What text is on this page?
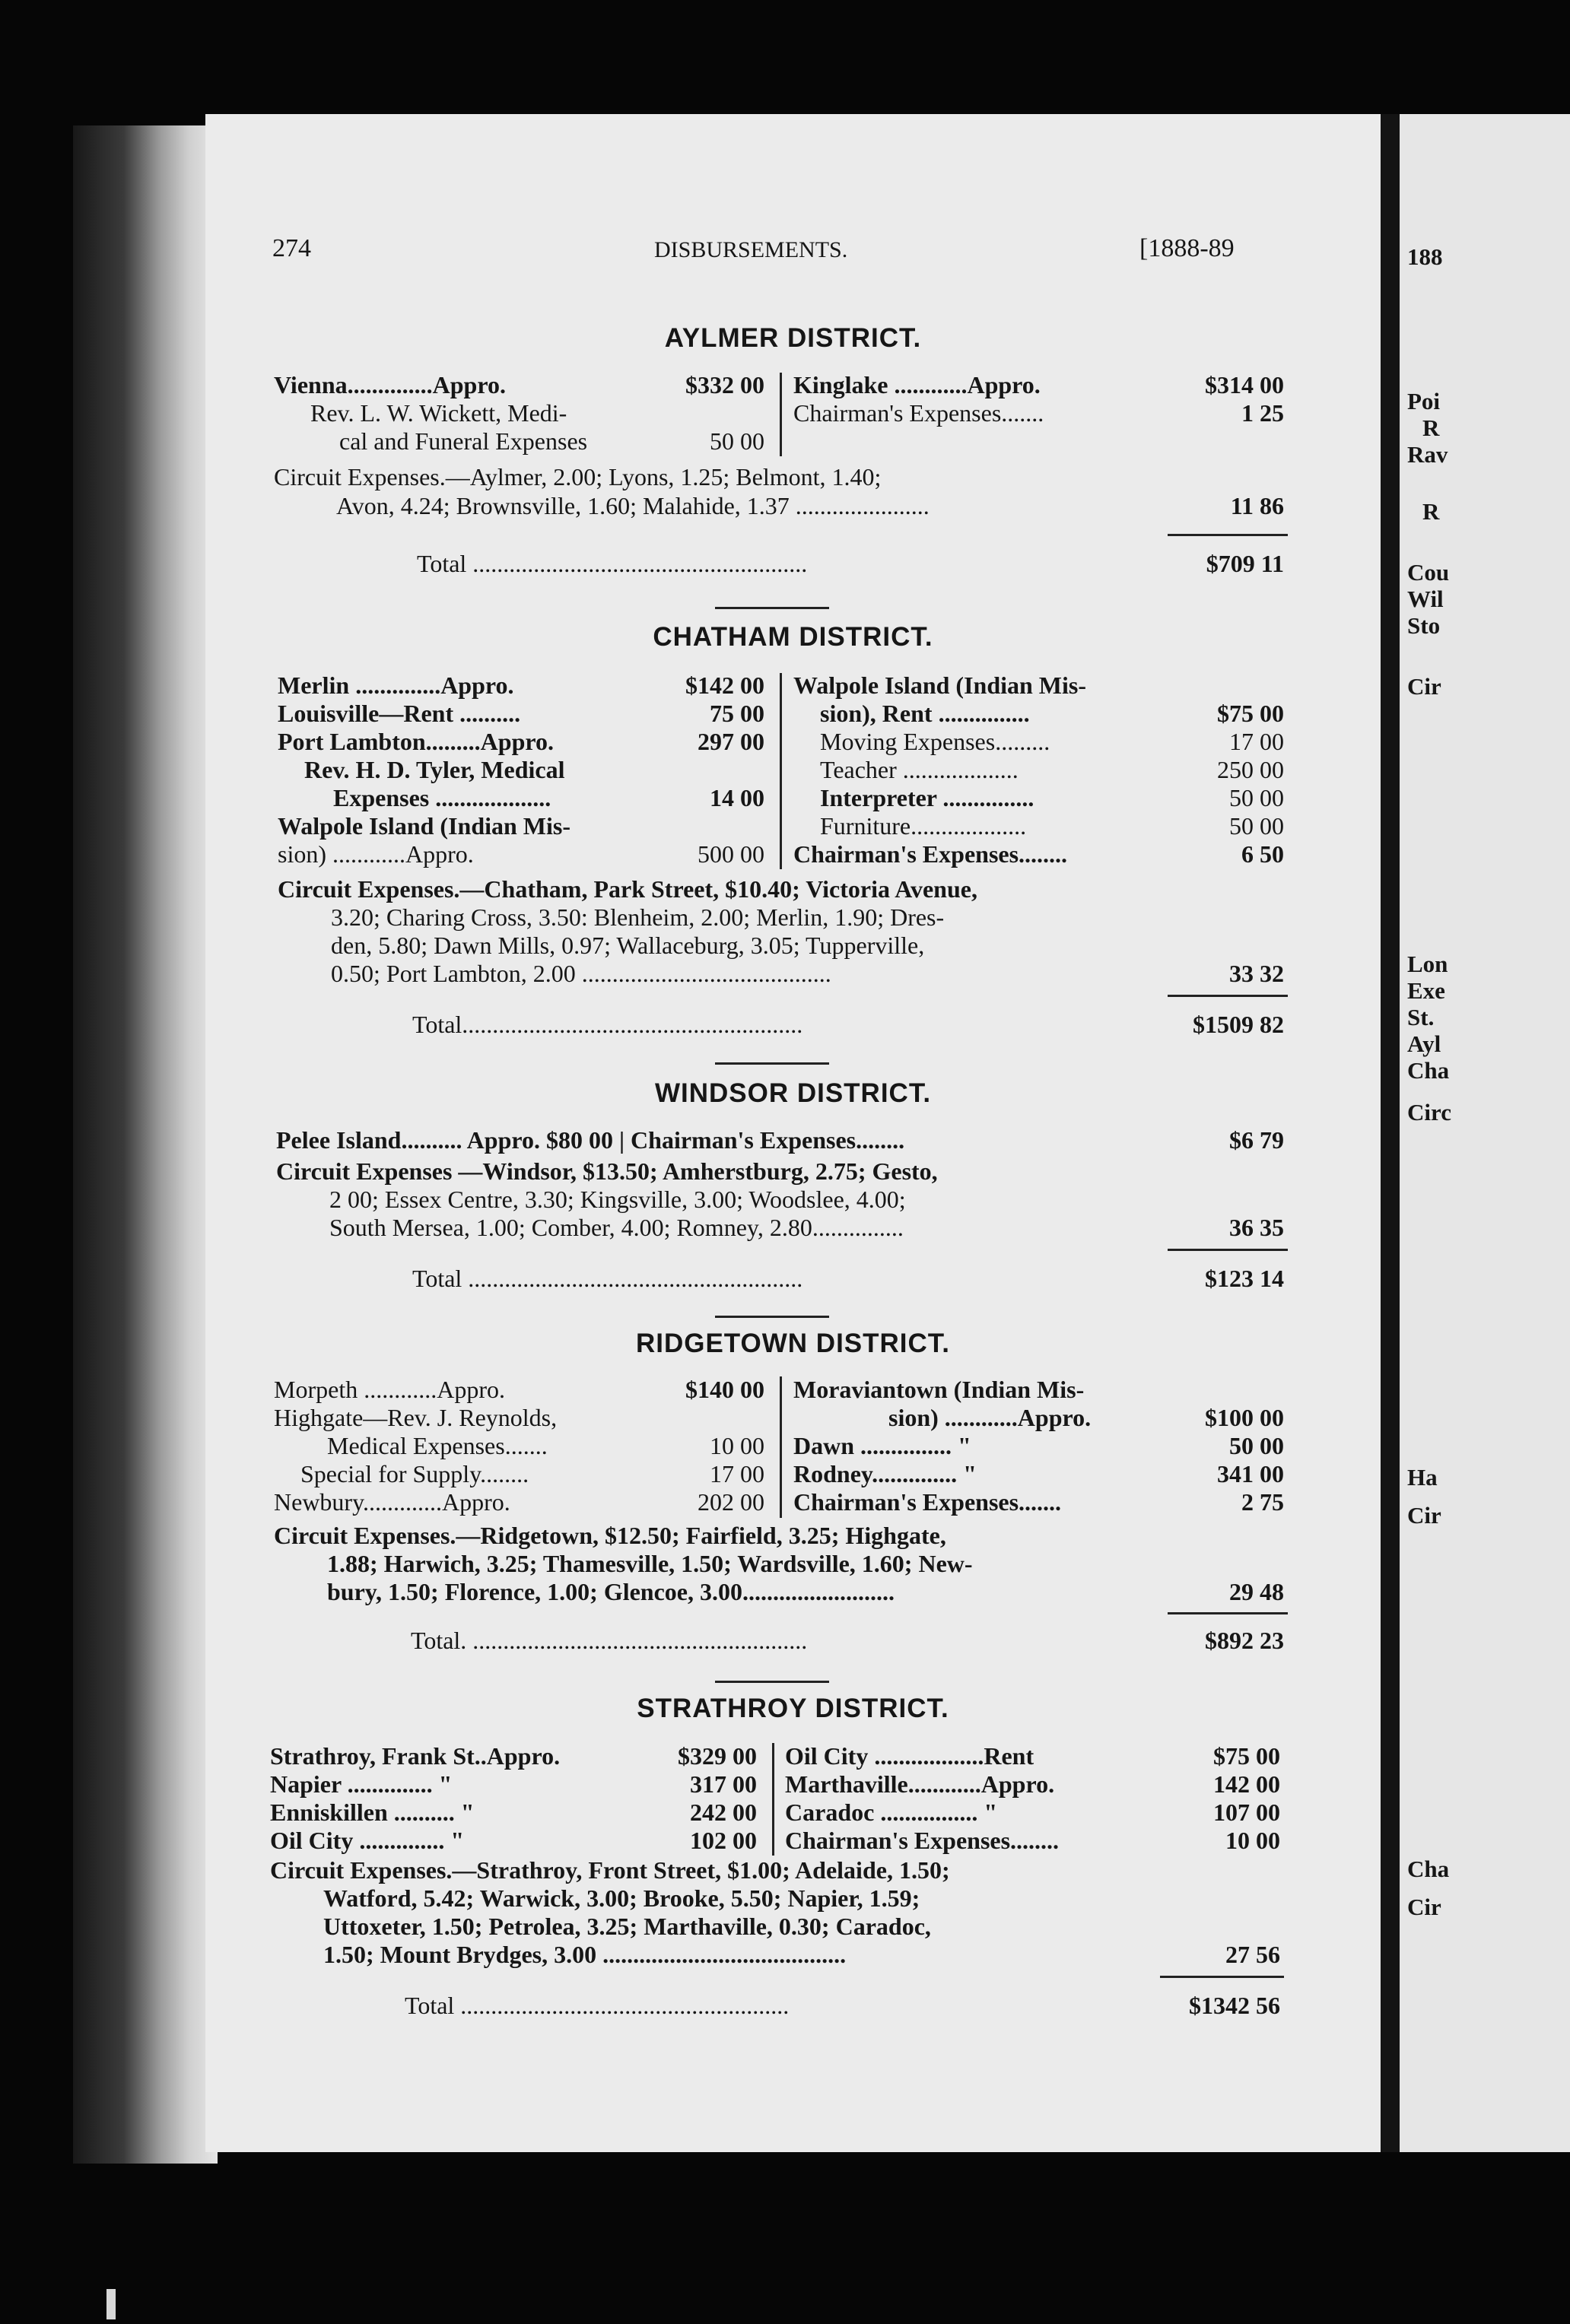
188
Poi
R
Rav
R
Cou
Wil
Sto
Cir
Lon
Exe
St.
Ayl
Cha
Circ
Ha
Cir
Cha
Cir
274	DISBURSEMENTS.	[1888-89
AYLMER DISTRICT.
Vienna..............Appro.	$332 00
Rev. L. W. Wickett, Medi-
cal and Funeral Expenses	50 00
Kinglake ............Appro.	$314 00
Chairman's Expenses.......	1 25
Circuit Expenses.—Aylmer, 2.00; Lyons, 1.25; Belmont, 1.40;
Avon, 4.24; Brownsville, 1.60; Malahide, 1.37 ......................	11 86
Total .......................................................	$709 11
CHATHAM DISTRICT.
Merlin ..............Appro.	$142 00
Louisville—Rent ..........	75 00
Port Lambton.........Appro.	297 00
Rev. H. D. Tyler, Medical
Expenses ...................	14 00
Walpole Island (Indian Mis-
sion) ............Appro.	500 00
Walpole Island (Indian Mis-
sion), Rent ...............	$75 00
Moving Expenses.........	17 00
Teacher ...................	250 00
Interpreter ...............	50 00
Furniture...................	50 00
Chairman's Expenses........	6 50
Circuit Expenses.—Chatham, Park Street, $10.40; Victoria Avenue,
3.20; Charing Cross, 3.50: Blenheim, 2.00; Merlin, 1.90; Dres-
den, 5.80; Dawn Mills, 0.97; Wallaceburg, 3.05; Tupperville,
0.50; Port Lambton, 2.00 .........................................	33 32
Total........................................................	$1509 82
WINDSOR DISTRICT.
Pelee Island.......... Appro. $80 00 | Chairman's Expenses........	$6 79
Circuit Expenses —Windsor, $13.50; Amherstburg, 2.75; Gesto,
2 00; Essex Centre, 3.30; Kingsville, 3.00; Woodslee, 4.00;
South Mersea, 1.00; Comber, 4.00; Romney, 2.80...............	36 35
Total .......................................................	$123 14
RIDGETOWN DISTRICT.
Morpeth ............Appro.	$140 00
Highgate—Rev. J. Reynolds,
Medical Expenses.......	10 00
Special for Supply........	17 00
Newbury.............Appro.	202 00
Moraviantown (Indian Mis-
sion) ............Appro.	$100 00
Dawn ............... "	50 00
Rodney.............. "	341 00
Chairman's Expenses.......	2 75
Circuit Expenses.—Ridgetown, $12.50; Fairfield, 3.25; Highgate,
1.88; Harwich, 3.25; Thamesville, 1.50; Wardsville, 1.60; New-
bury, 1.50; Florence, 1.00; Glencoe, 3.00.........................	29 48
Total. .......................................................	$892 23
STRATHROY DISTRICT.
Strathroy, Frank St..Appro.	$329 00
Napier .............. "	317 00
Enniskillen .......... "	242 00
Oil City .............. "	102 00
Oil City ..................Rent	$75 00
Marthaville............Appro.	142 00
Caradoc ................ "	107 00
Chairman's Expenses........	10 00
Circuit Expenses.—Strathroy, Front Street, $1.00; Adelaide, 1.50;
Watford, 5.42; Warwick, 3.00; Brooke, 5.50; Napier, 1.59;
Uttoxeter, 1.50; Petrolea, 3.25; Marthaville, 0.30; Caradoc,
1.50; Mount Brydges, 3.00 ........................................	27 56
Total ......................................................	$1342 56
